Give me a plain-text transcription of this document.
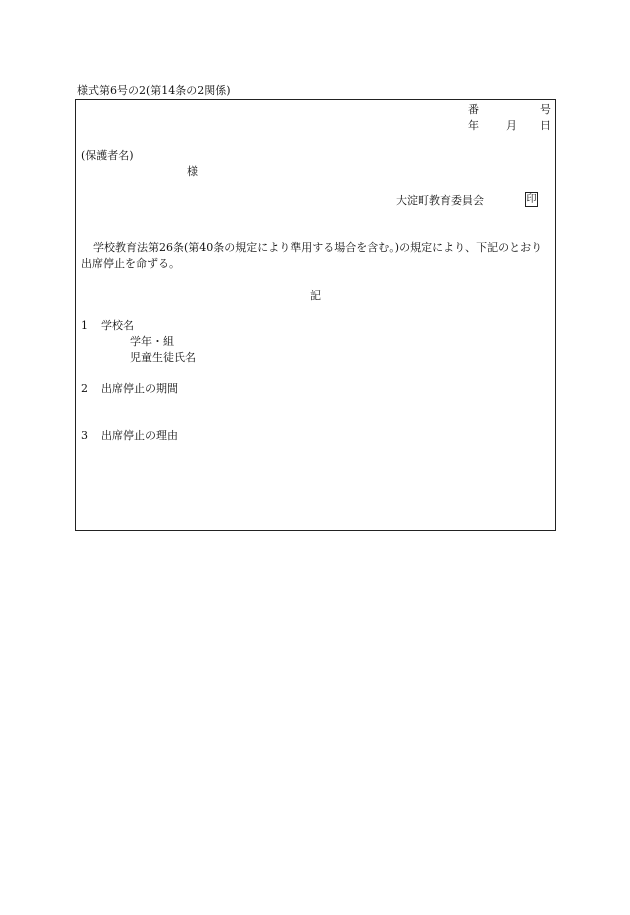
様式第6号の2(第14条の2関係)
番	号
年 月 日
(保護者名)
様
大淀町教育委員会	印
学校教育法第26条(第40条の規定により準用する場合を含む。)の規定により、下記のとおり出席停止を命ずる。
記
1 学校名
学年・組
児童生徒氏名
2 出席停止の期間
3 出席停止の理由
